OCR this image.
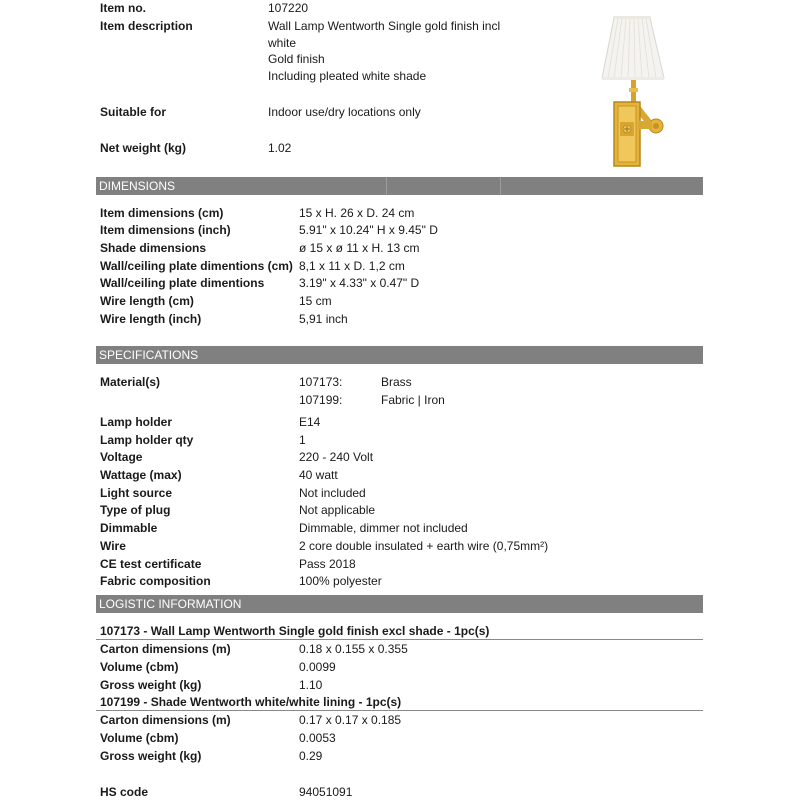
Item no.	107220
Item description	Wall Lamp Wentworth Single gold finish incl
white
Gold finish
Including pleated white shade
Suitable for	Indoor use/dry locations only
Net weight (kg)	1.02
DIMENSIONS
Item dimensions (cm)	15 x H. 26 x D. 24 cm
Item dimensions (inch)	5.91" x 10.24" H x 9.45" D
Shade dimensions	ø 15 x ø 11 x H. 13 cm
Wall/ceiling plate dimentions (cm) 8,1 x 11 x D. 1,2 cm
Wall/ceiling plate dimentions	3.19" x 4.33" x 0.47" D
Wire length (cm)	15 cm
Wire length (inch)	5,91 inch
SPECIFICATIONS
Material(s)	107173:	Brass
107199:	Fabric | Iron
Lamp holder	E14
Lamp holder qty	1
Voltage	220 - 240 Volt
Wattage (max)	40 watt
Light source	Not included
Type of plug	Not applicable
Dimmable	Dimmable, dimmer not included
Wire	2 core double insulated + earth wire (0,75mm²)
CE test certificate	Pass 2018
Fabric composition	100% polyester
LOGISTIC INFORMATION
107173 - Wall Lamp Wentworth Single gold finish excl shade - 1pc(s)
Carton dimensions (m)	0.18 x 0.155 x 0.355
Volume (cbm)	0.0099
Gross weight (kg)	1.10
107199 - Shade Wentworth white/white lining - 1pc(s)
Carton dimensions (m)	0.17 x 0.17 x 0.185
Volume (cbm)	0.0053
Gross weight (kg)	0.29
HS code	94051091
